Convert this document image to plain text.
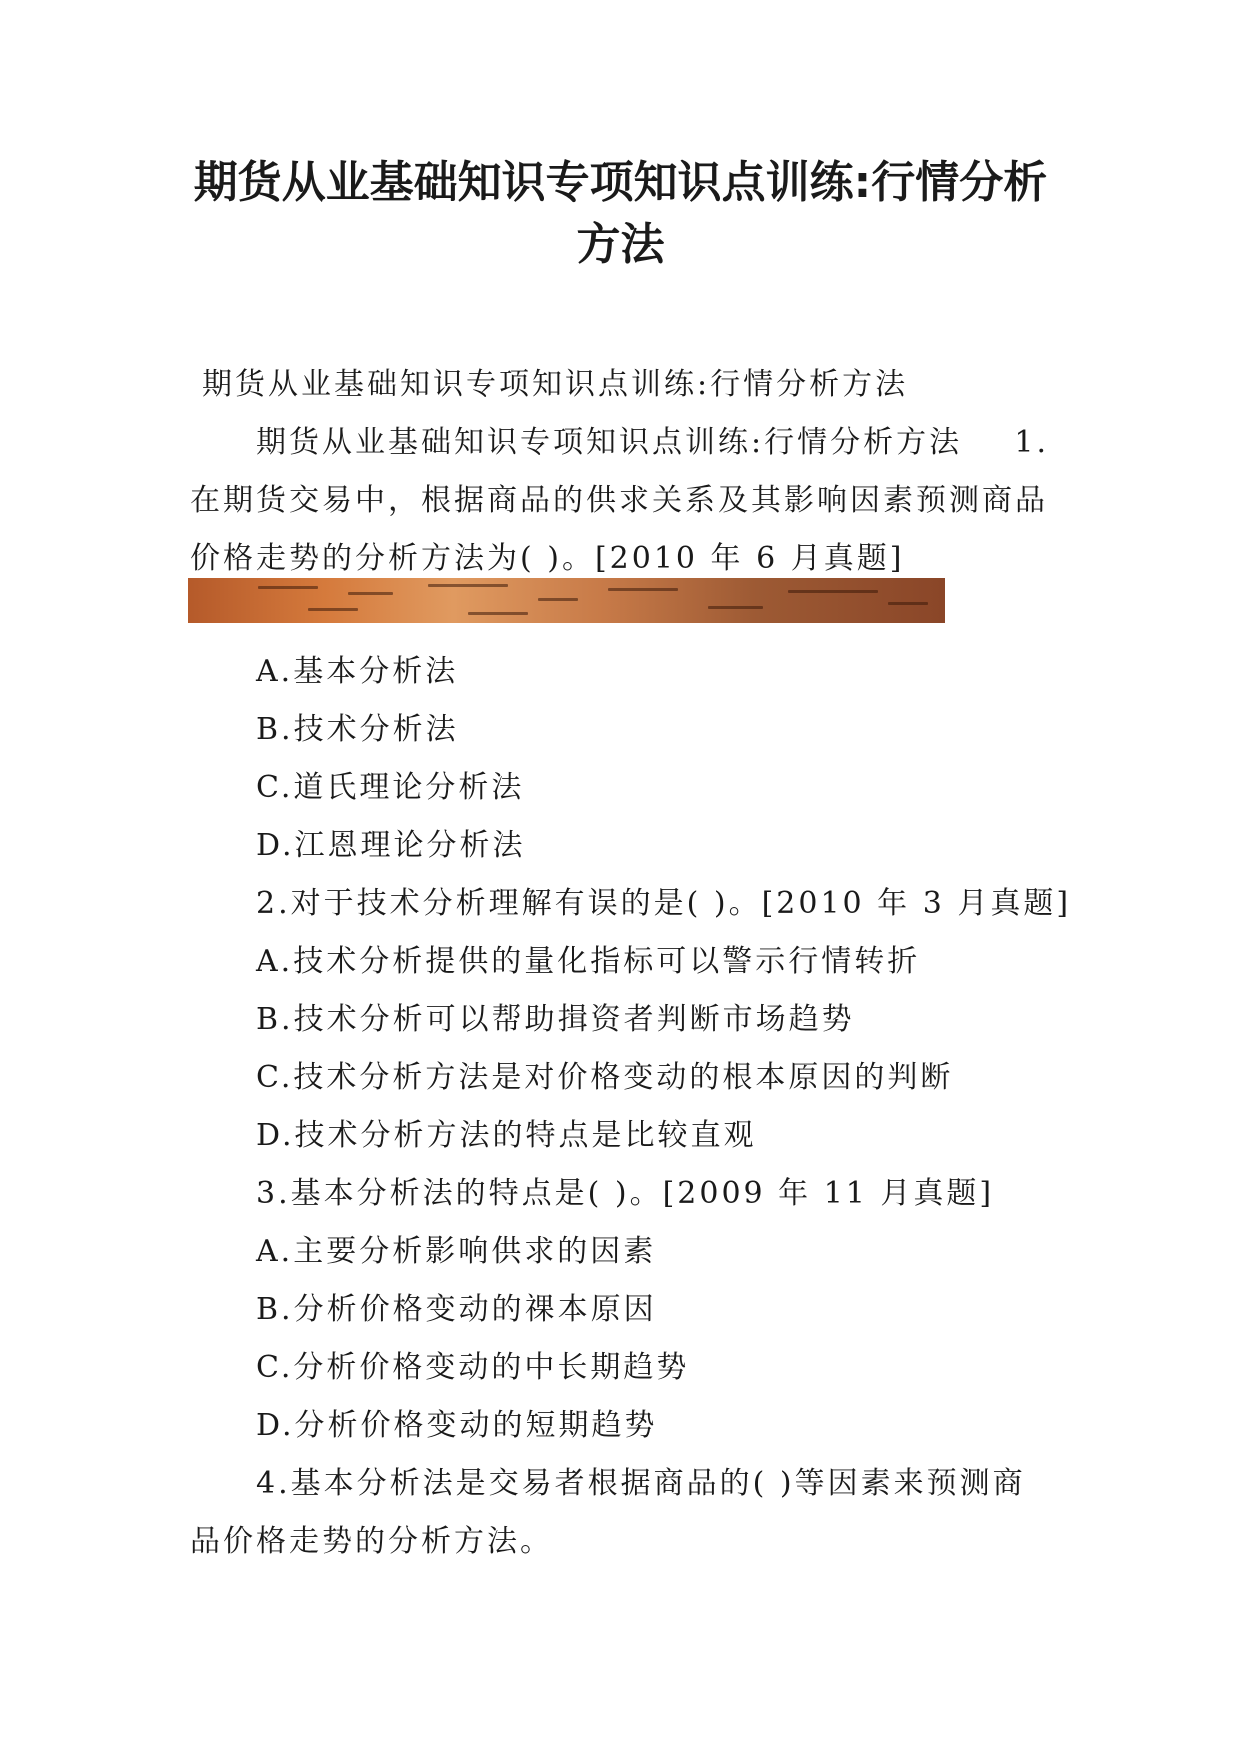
期货从业基础知识专项知识点训练:行情分析方法

期货从业基础知识专项知识点训练:行情分析方法

期货从业基础知识专项知识点训练:行情分析方法 1.

在期货交易中，根据商品的供求关系及其影响因素预测商品价格走势的分析方法为( )。[2010 年 6 月真题]

A.基本分析法

B.技术分析法

C.道氏理论分析法

D.江恩理论分析法

2.对于技术分析理解有误的是( )。[2010 年 3 月真题]

A.技术分析提供的量化指标可以警示行情转折

B.技术分析可以帮助揖资者判断市场趋势

C.技术分析方法是对价格变动的根本原因的判断

D.技术分析方法的特点是比较直观

3.基本分析法的特点是( )。[2009 年 11 月真题]

A.主要分析影响供求的因素

B.分析价格变动的祼本原因

C.分析价格变动的中长期趋势

D.分析价格变动的短期趋势

4.基本分析法是交易者根据商品的( )等因素来预测商品价格走势的分析方法。
